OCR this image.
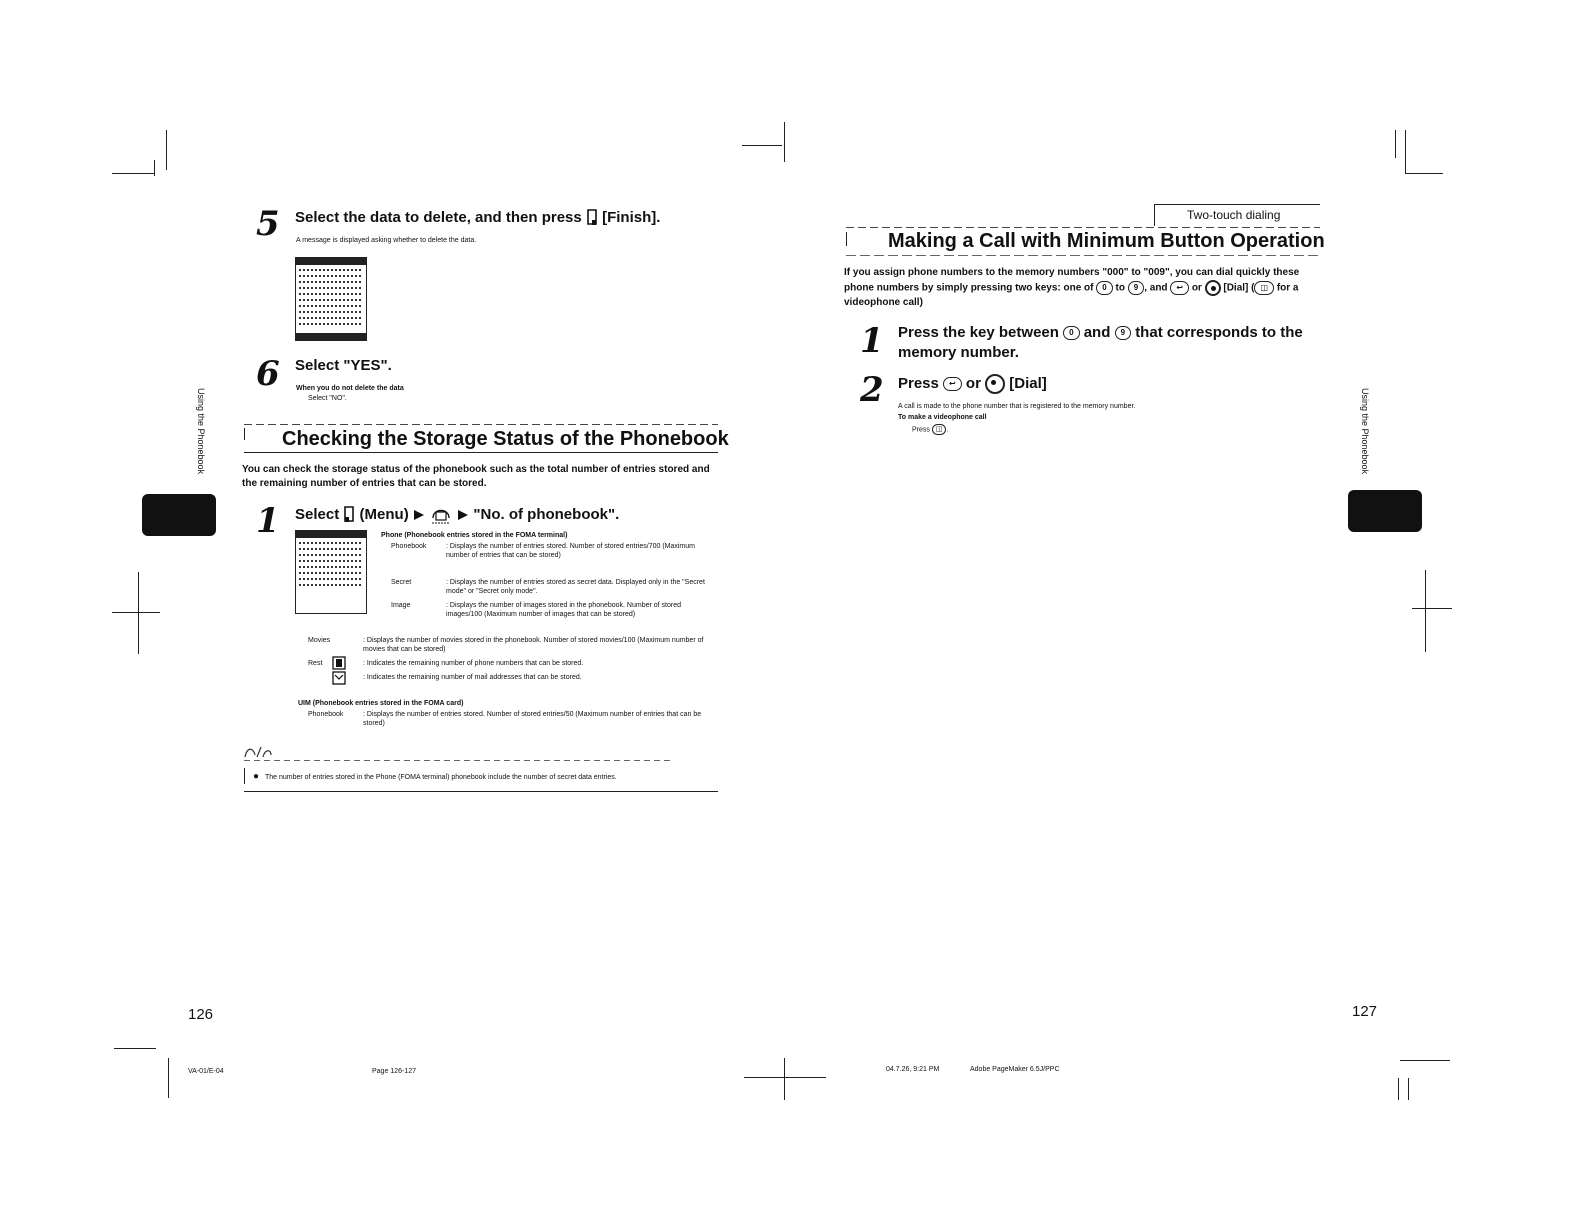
5 Select the data to delete, and then press [Finish].
A message is displayed asking whether to delete the data.
6 Select "YES".
When you do not delete the data
Select "NO".
Checking the Storage Status of the Phonebook
You can check the storage status of the phonebook such as the total number of entries stored and the remaining number of entries that can be stored.
1 Select (Menu)	"No. of phonebook".
Phone (Phonebook entries stored in the FOMA terminal)
Phonebook	: Displays the number of entries stored. Number of stored entries/700 (Maximum number of entries that can be stored)
Secret	: Displays the number of entries stored as secret data. Displayed only in the "Secret mode" or "Secret only mode".
Image	: Displays the number of images stored in the phonebook. Number of stored images/100 (Maximum number of images that can be stored)
Movies	: Displays the number of movies stored in the phonebook. Number of stored movies/100 (Maximum number of movies that can be stored)
Rest	: Indicates the remaining number of phone numbers that can be stored.
: Indicates the remaining number of mail addresses that can be stored.
UIM (Phonebook entries stored in the FOMA card)
Phonebook	: Displays the number of entries stored. Number of stored entries/50 (Maximum number of entries that can be stored)
● The number of entries stored in the Phone (FOMA terminal) phonebook include the number of secret data entries.
Using the Phonebook
126
VA-01/E-04	Page 126-127
Two-touch dialing
Making a Call with Minimum Button Operation
If you assign phone numbers to the memory numbers "000" to "009", you can dial quickly these phone numbers by simply pressing two keys: one of 0 to 9 , and ↩ or [Dial] ( ◫ for a videophone call)
1 Press the key between 0 and 9 that corresponds to the memory number.
2 Press ↩ or [Dial]
A call is made to the phone number that is registered to the memory number.
To make a videophone call
Press ◫ .	Using the Phonebook
127
04.7.26, 9:21 PM	Adobe PageMaker 6.5J/PPC
